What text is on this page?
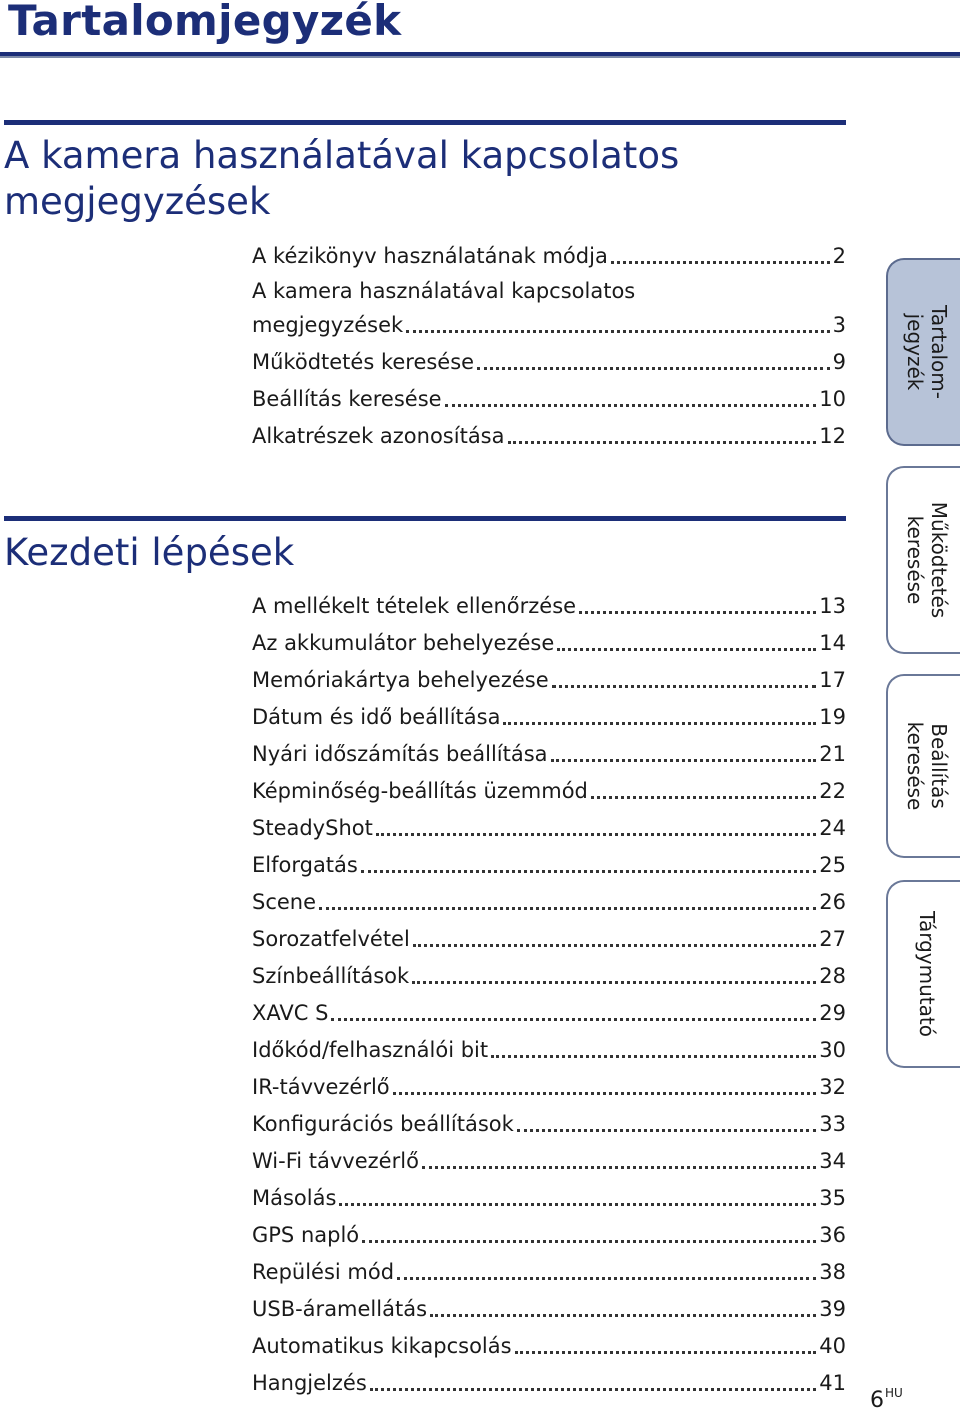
Tartalomjegyzék
A kamera használatával kapcsolatos
megjegyzések
A kézikönyv használatának módja	2
A kamera használatával kapcsolatos
megjegyzések	3
Működtetés keresése	9
Beállítás keresése	10
Alkatrészek azonosítása	12
Kezdeti lépések
A mellékelt tételek ellenőrzése	13
Az akkumulátor behelyezése	14
Memóriakártya behelyezése	17
Dátum és idő beállítása	19
Nyári időszámítás beállítása	21
Képminőség-beállítás üzemmód	22
SteadyShot	24
Elforgatás	25
Scene	26
Sorozatfelvétel	27
Színbeállítások	28
XAVC S	29
Időkód/felhasználói bit	30
IR-távvezérlő	32
Konfigurációs beállítások	33
Wi-Fi távvezérlő	34
Másolás	35
GPS napló	36
Repülési mód	38
USB-áramellátás	39
Automatikus kikapcsolás	40
Hangjelzés	41
Tartalom-
jegyzék
Működtetés
keresése
Beállítás
keresése
Tárgymutató
$6^{HU}$
